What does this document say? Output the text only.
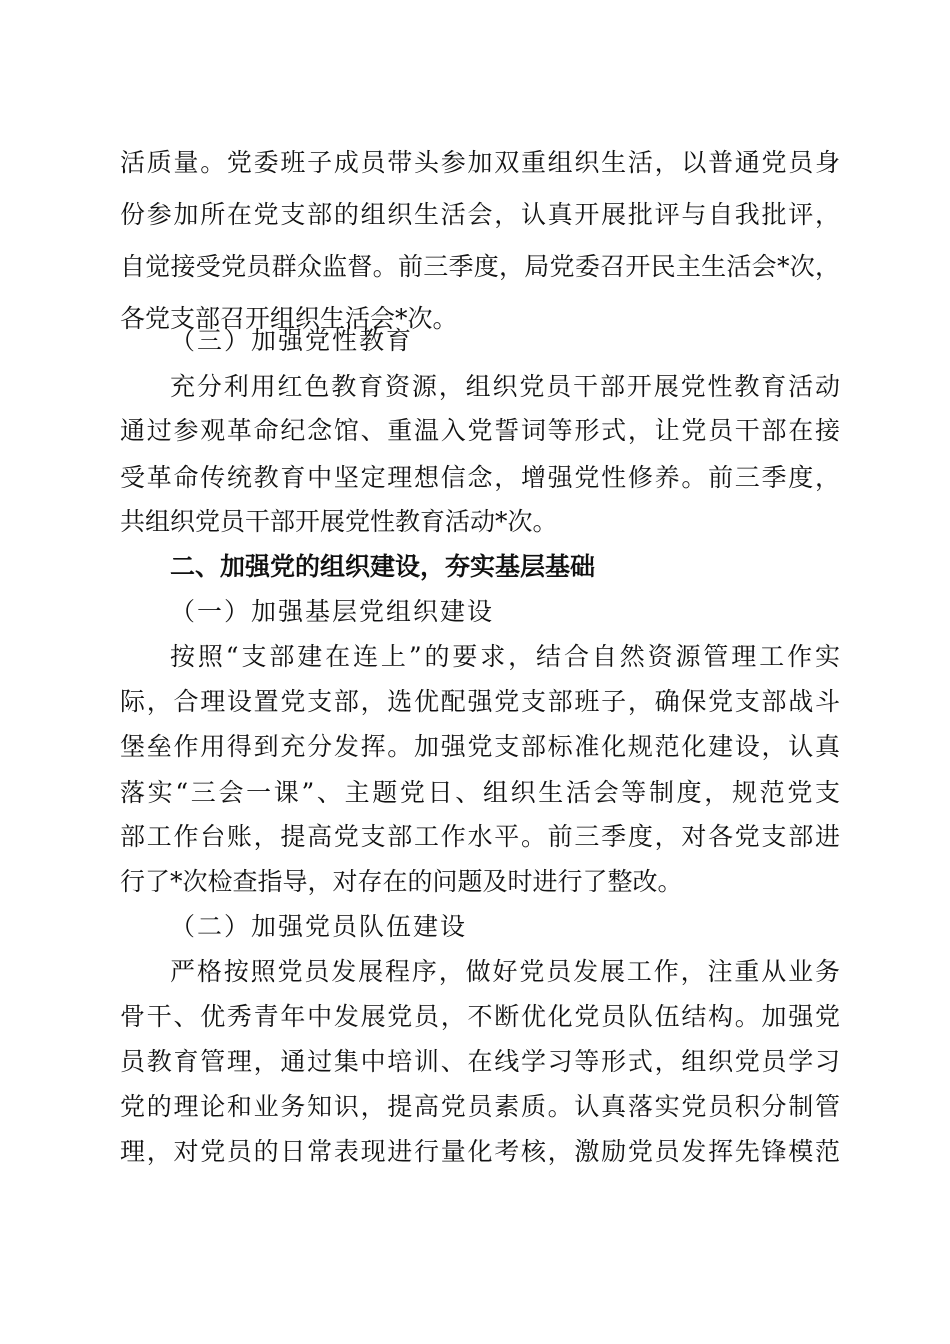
活质量。党委班子成员带头参加双重组织生活，以普通党员身
份参加所在党支部的组织生活会，认真开展批评与自我批评，
自觉接受党员群众监督。前三季度，局党委召开民主生活会*次，
各党支部召开组织生活会*次。
（三）加强党性教育
充分利用红色教育资源，组织党员干部开展党性教育活动
通过参观革命纪念馆、重温入党誓词等形式，让党员干部在接
受革命传统教育中坚定理想信念，增强党性修养。前三季度，
共组织党员干部开展党性教育活动*次。
二、加强党的组织建设，夯实基层基础
（一）加强基层党组织建设
按照“支部建在连上”的要求，结合自然资源管理工作实
际，合理设置党支部，选优配强党支部班子，确保党支部战斗
堡垒作用得到充分发挥。加强党支部标准化规范化建设，认真
落实“三会一课”、主题党日、组织生活会等制度，规范党支
部工作台账，提高党支部工作水平。前三季度，对各党支部进
行了*次检查指导，对存在的问题及时进行了整改。
（二）加强党员队伍建设
严格按照党员发展程序，做好党员发展工作，注重从业务
骨干、优秀青年中发展党员，不断优化党员队伍结构。加强党
员教育管理，通过集中培训、在线学习等形式，组织党员学习
党的理论和业务知识，提高党员素质。认真落实党员积分制管
理，对党员的日常表现进行量化考核，激励党员发挥先锋模范
